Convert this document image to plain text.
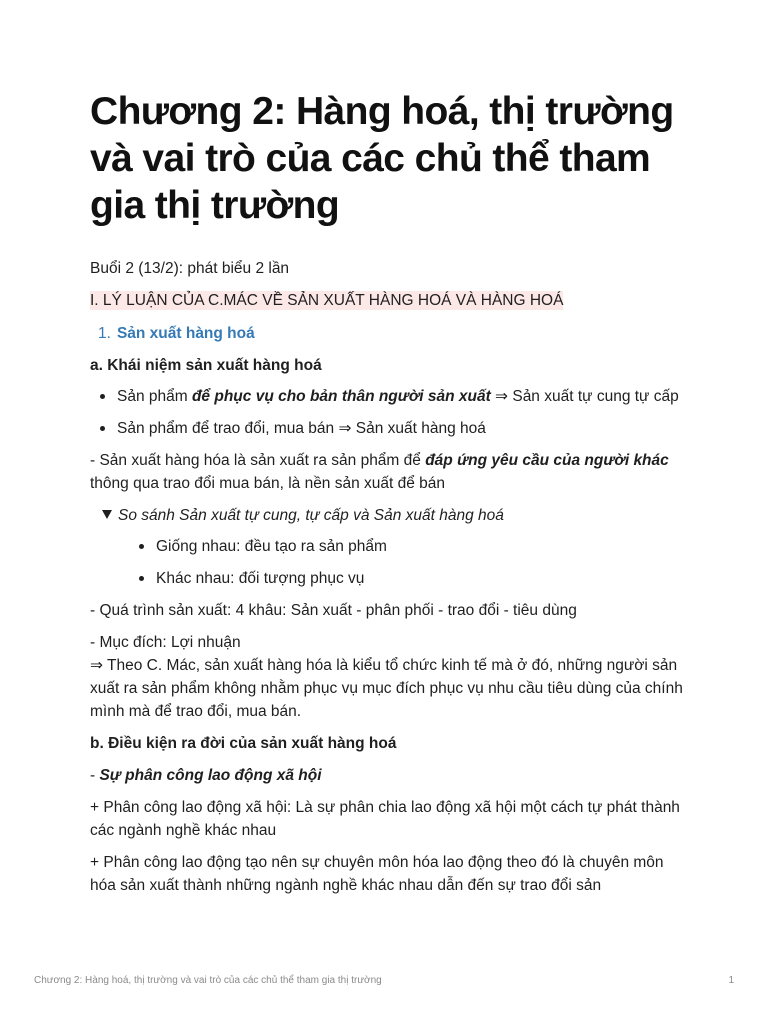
Chương 2: Hàng hoá, thị trường và vai trò của các chủ thể tham gia thị trường

Buổi 2 (13/2): phát biểu 2 lần

I. LÝ LUẬN CỦA C.MÁC VỀ SẢN XUẤT HÀNG HOÁ VÀ HÀNG HOÁ

1. Sản xuất hàng hoá

a. Khái niệm sản xuất hàng hoá

Sản phẩm để phục vụ cho bản thân người sản xuất ⇒ Sản xuất tự cung tự cấp
Sản phẩm để trao đổi, mua bán ⇒ Sản xuất hàng hoá

- Sản xuất hàng hóa là sản xuất ra sản phẩm để đáp ứng yêu cầu của người khác thông qua trao đổi mua bán, là nền sản xuất để bán

So sánh Sản xuất tự cung, tự cấp và Sản xuất hàng hoá

Giống nhau: đều tạo ra sản phẩm
Khác nhau: đối tượng phục vụ

- Quá trình sản xuất: 4 khâu: Sản xuất - phân phối - trao đổi - tiêu dùng

- Mục đích: Lợi nhuận

⇒ Theo C. Mác, sản xuất hàng hóa là kiểu tổ chức kinh tế mà ở đó, những người sản xuất ra sản phẩm không nhằm phục vụ mục đích phục vụ nhu cầu tiêu dùng của chính mình mà để trao đổi, mua bán.

b. Điều kiện ra đời của sản xuất hàng hoá

- Sự phân công lao động xã hội

+ Phân công lao động xã hội: Là sự phân chia lao động xã hội một cách tự phát thành các ngành nghề khác nhau

+ Phân công lao động tạo nên sự chuyên môn hóa lao động theo đó là chuyên môn hóa sản xuất thành những ngành nghề khác nhau dẫn đến sự trao đổi sản

Chương 2: Hàng hoá, thị trường và vai trò của các chủ thể tham gia thị trường	1
